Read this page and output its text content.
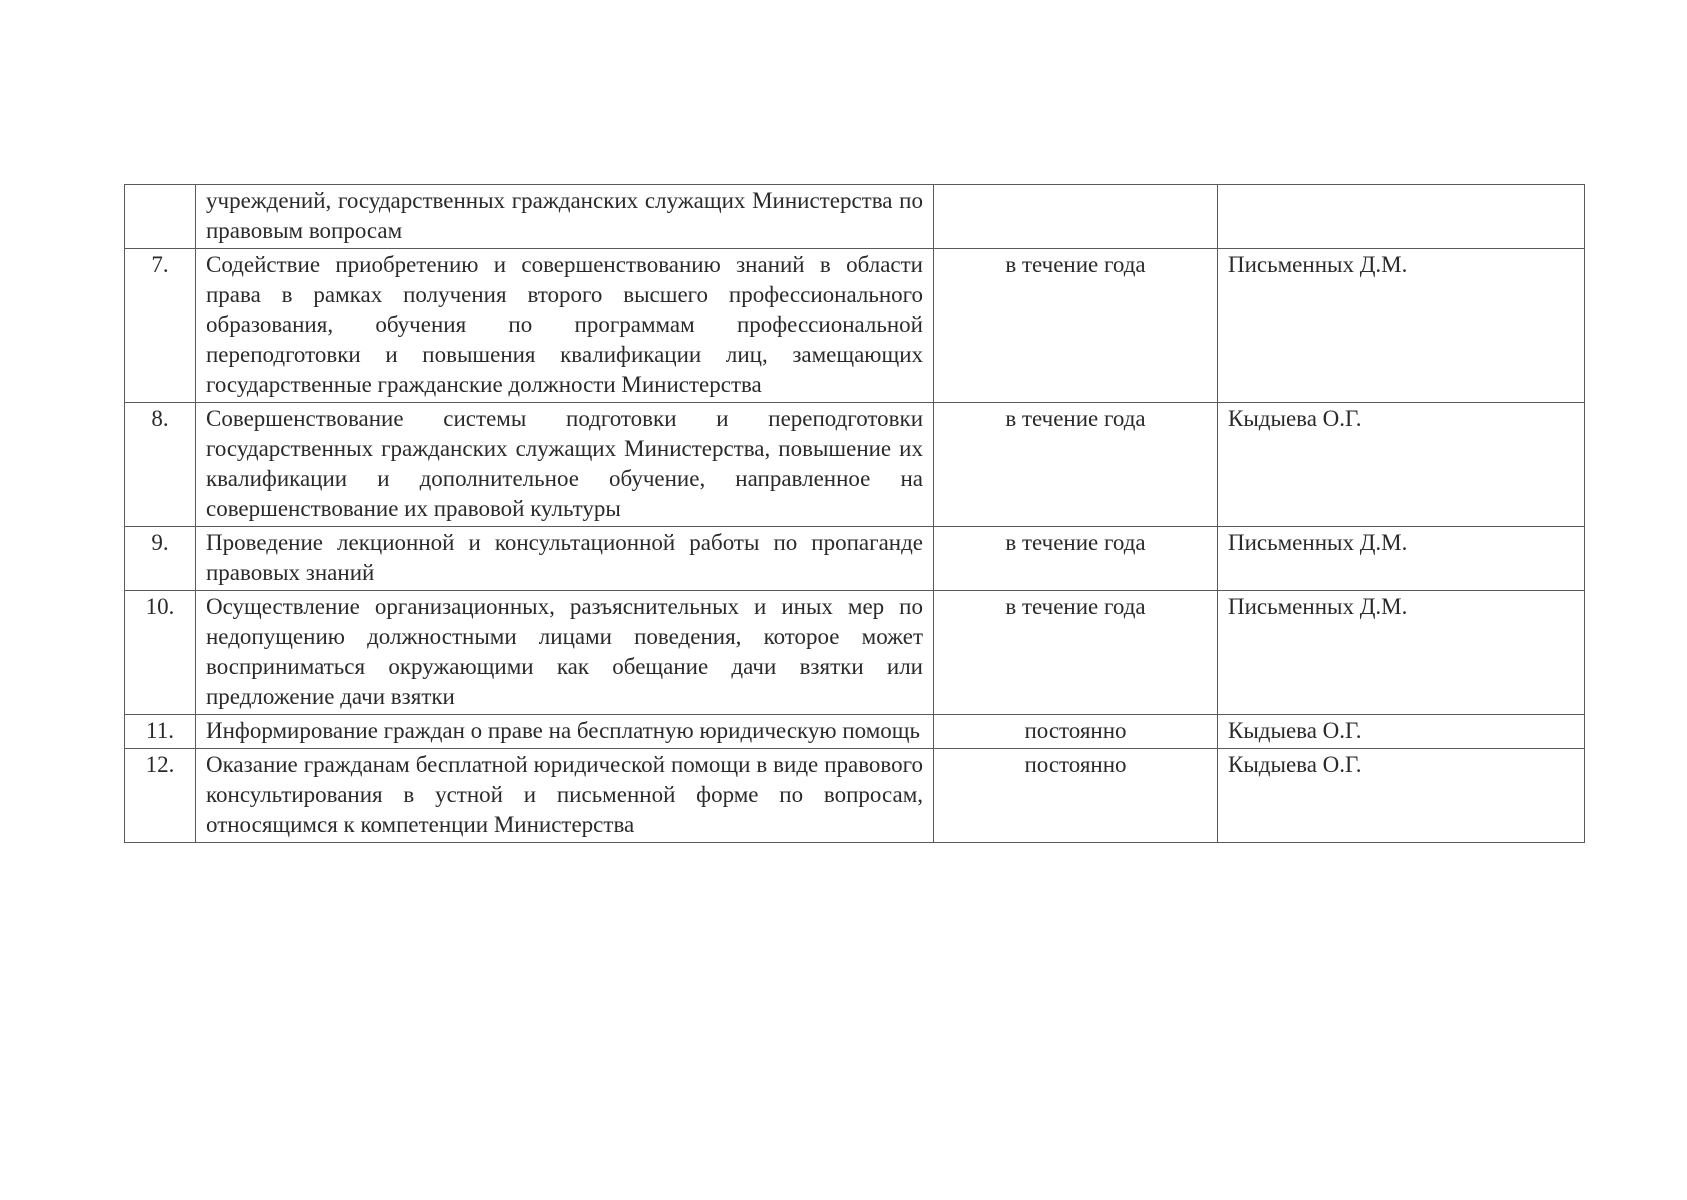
	учреждений, государственных гражданских служащих Министерства по правовым вопросам		
7.	Содействие приобретению и совершенствованию знаний в области права в рамках получения второго высшего профессионального образования, обучения по программам профессиональной переподготовки и повышения квалификации лиц, замещающих государственные гражданские должности Министерства	в течение года	Письменных Д.М.
8.	Совершенствование системы подготовки и переподготовки государственных гражданских служащих Министерства, повышение их квалификации и дополнительное обучение, направленное на совершенствование их правовой культуры	в течение года	Кыдыева О.Г.
9.	Проведение лекционной и консультационной работы по пропаганде правовых знаний	в течение года	Письменных Д.М.
10.	Осуществление организационных, разъяснительных и иных мер по недопущению должностными лицами поведения, которое может восприниматься окружающими как обещание дачи взятки или предложение дачи взятки	в течение года	Письменных Д.М.
11.	Информирование граждан о праве на бесплатную юридическую помощь	постоянно	Кыдыева О.Г.
12.	Оказание гражданам бесплатной юридической помощи в виде правового консультирования в устной и письменной форме по вопросам, относящимся к компетенции Министерства	постоянно	Кыдыева О.Г.
